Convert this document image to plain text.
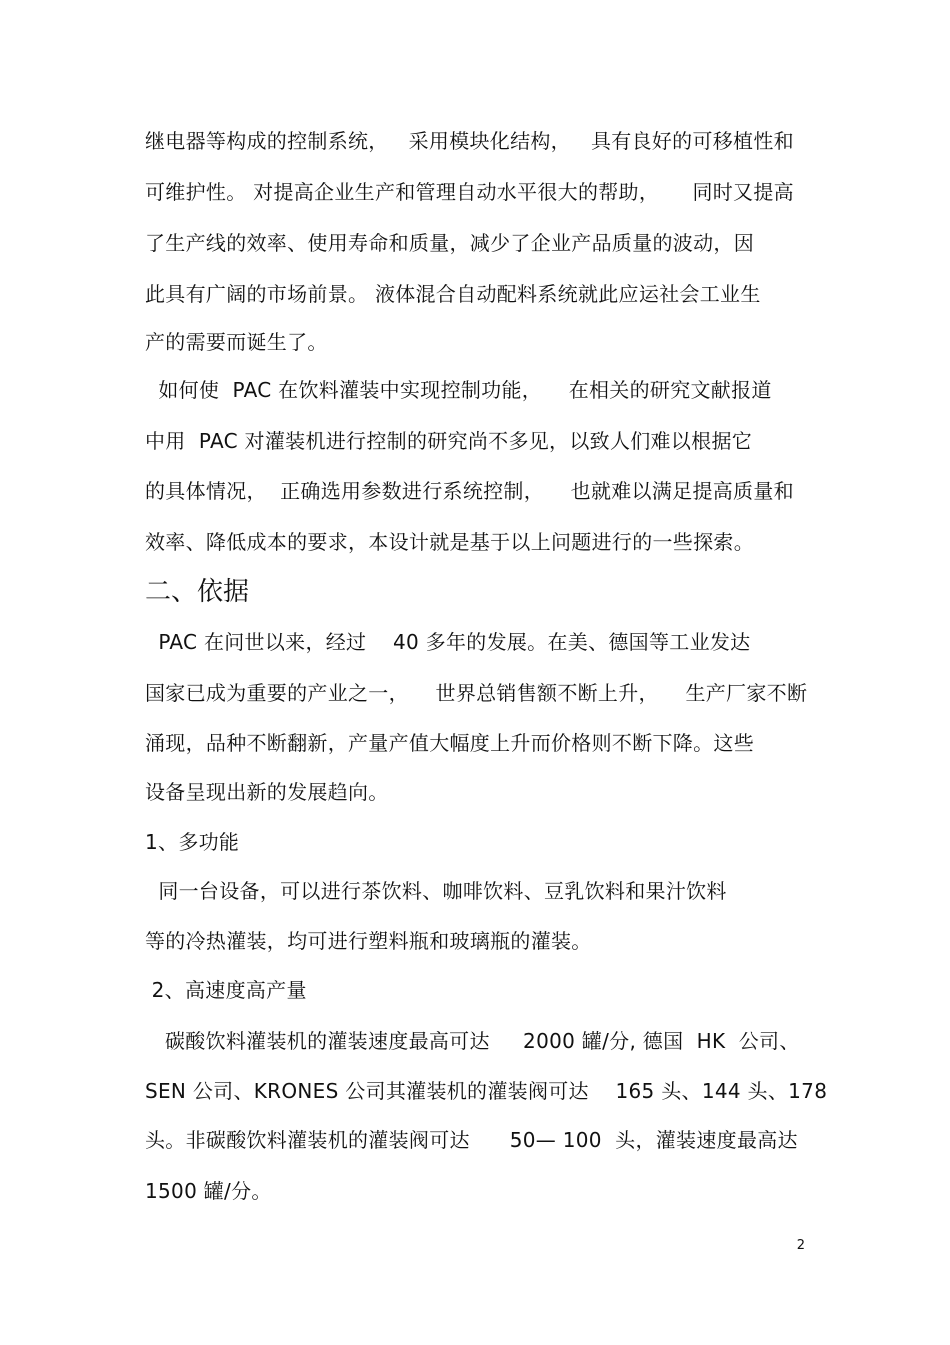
继电器等构成的控制系统，   采用模块化结构，   具有良好的可移植性和
可维护性。 对提高企业生产和管理自动水平很大的帮助，     同时又提高
了生产线的效率、使用寿命和质量，减少了企业产品质量的波动，因
此具有广阔的市场前景。 液体混合自动配料系统就此应运社会工业生
产的需要而诞生了。
如何使  PAC 在饮料灌装中实现控制功能，    在相关的研究文献报道
中用  PAC 对灌装机进行控制的研究尚不多见，以致人们难以根据它
的具体情况，  正确选用参数进行系统控制，    也就难以满足提高质量和
效率、降低成本的要求，本设计就是基于以上问题进行的一些探索。
二、依据
PAC 在问世以来，经过    40 多年的发展。在美、德国等工业发达
国家已成为重要的产业之一，    世界总销售额不断上升，    生产厂家不断
涌现，品种不断翻新，产量产值大幅度上升而价格则不断下降。这些
设备呈现出新的发展趋向。
1、多功能
同一台设备，可以进行茶饮料、咖啡饮料、豆乳饮料和果汁饮料
等的冷热灌装，均可进行塑料瓶和玻璃瓶的灌装。
2、高速度高产量
碳酸饮料灌装机的灌装速度最高可达     2000 罐/分, 德国  HK  公司、
SEN 公司、KRONES 公司其灌装机的灌装阀可达    165 头、144 头、178
头。非碳酸饮料灌装机的灌装阀可达      50— 100  头，灌装速度最高达
1500 罐/分。
2
